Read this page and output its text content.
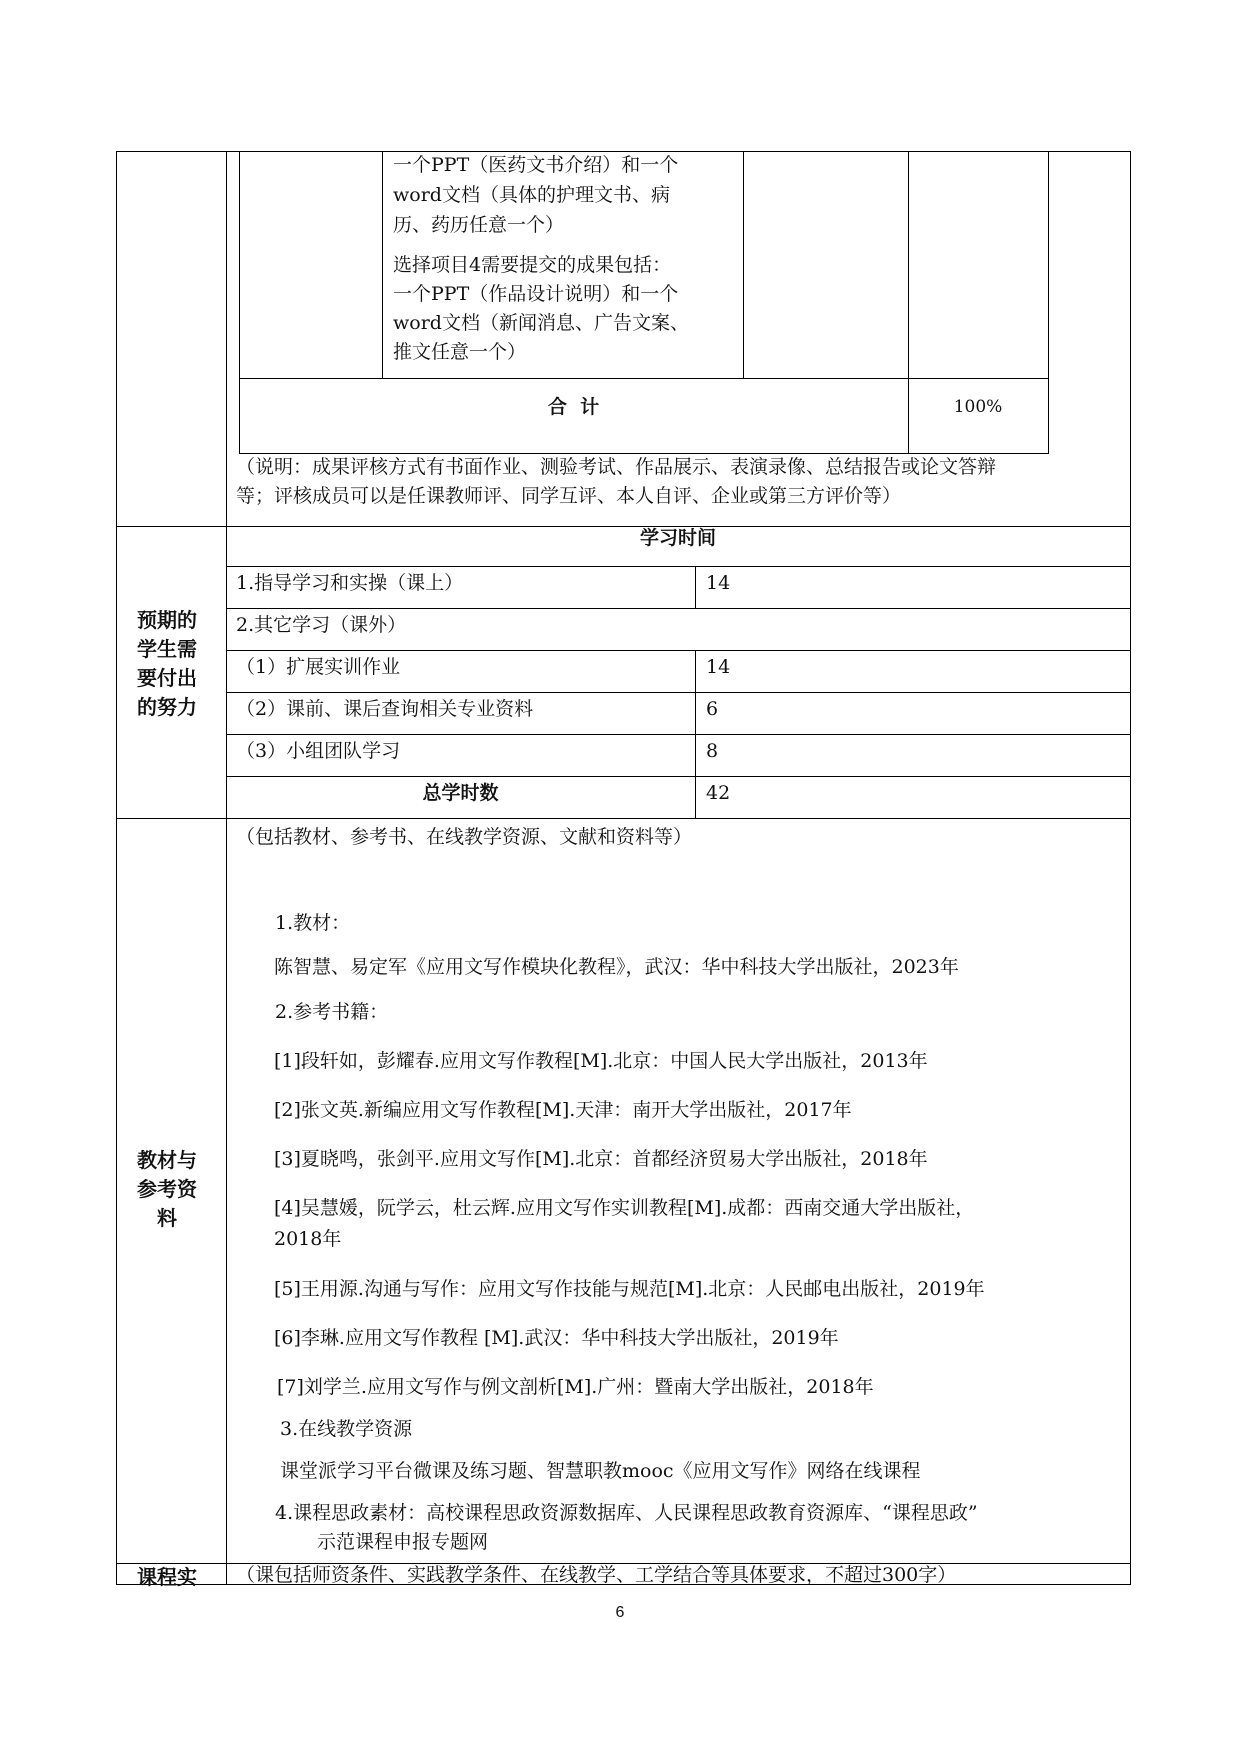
一个PPT（医药文书介绍）和一个
word文档（具体的护理文书、病
历、药历任意一个）
选择项目4需要提交的成果包括：
一个PPT（作品设计说明）和一个
word文档（新闻消息、广告文案、
推文任意一个）
合  计	100%
（说明：成果评核方式有书面作业、测验考试、作品展示、表演录像、总结报告或论文答辩
等；评核成员可以是任课教师评、同学互评、本人自评、企业或第三方评价等）
预期的
学生需
要付出
的努力
学习时间
1.指导学习和实操（课上）	14
2.其它学习（课外）
（1）扩展实训作业	14
（2）课前、课后查询相关专业资料	6
（3）小组团队学习	8
总学时数	42
教材与
参考资
料
（包括教材、参考书、在线教学资源、文献和资料等）
1.教材：
陈智慧、易定军《应用文写作模块化教程》，武汉：华中科技大学出版社，2023年
2.参考书籍：
[1]段轩如，彭耀春.应用文写作教程[M].北京：中国人民大学出版社，2013年
[2]张文英.新编应用文写作教程[M].天津：南开大学出版社，2017年
[3]夏晓鸣，张剑平.应用文写作[M].北京：首都经济贸易大学出版社，2018年
[4]吴慧媛，阮学云，杜云辉.应用文写作实训教程[M].成都：西南交通大学出版社，
2018年
[5]王用源.沟通与写作：应用文写作技能与规范[M].北京：人民邮电出版社，2019年
[6]李琳.应用文写作教程 [M].武汉：华中科技大学出版社，2019年
[7]刘学兰.应用文写作与例文剖析[M].广州：暨南大学出版社，2018年
3.在线教学资源
课堂派学习平台微课及练习题、智慧职教mooc《应用文写作》网络在线课程
4.课程思政素材：高校课程思政资源数据库、人民课程思政教育资源库、“课程思政”
示范课程申报专题网
课程实	（课包括师资条件、实践教学条件、在线教学、工学结合等具体要求，不超过300字）
6
